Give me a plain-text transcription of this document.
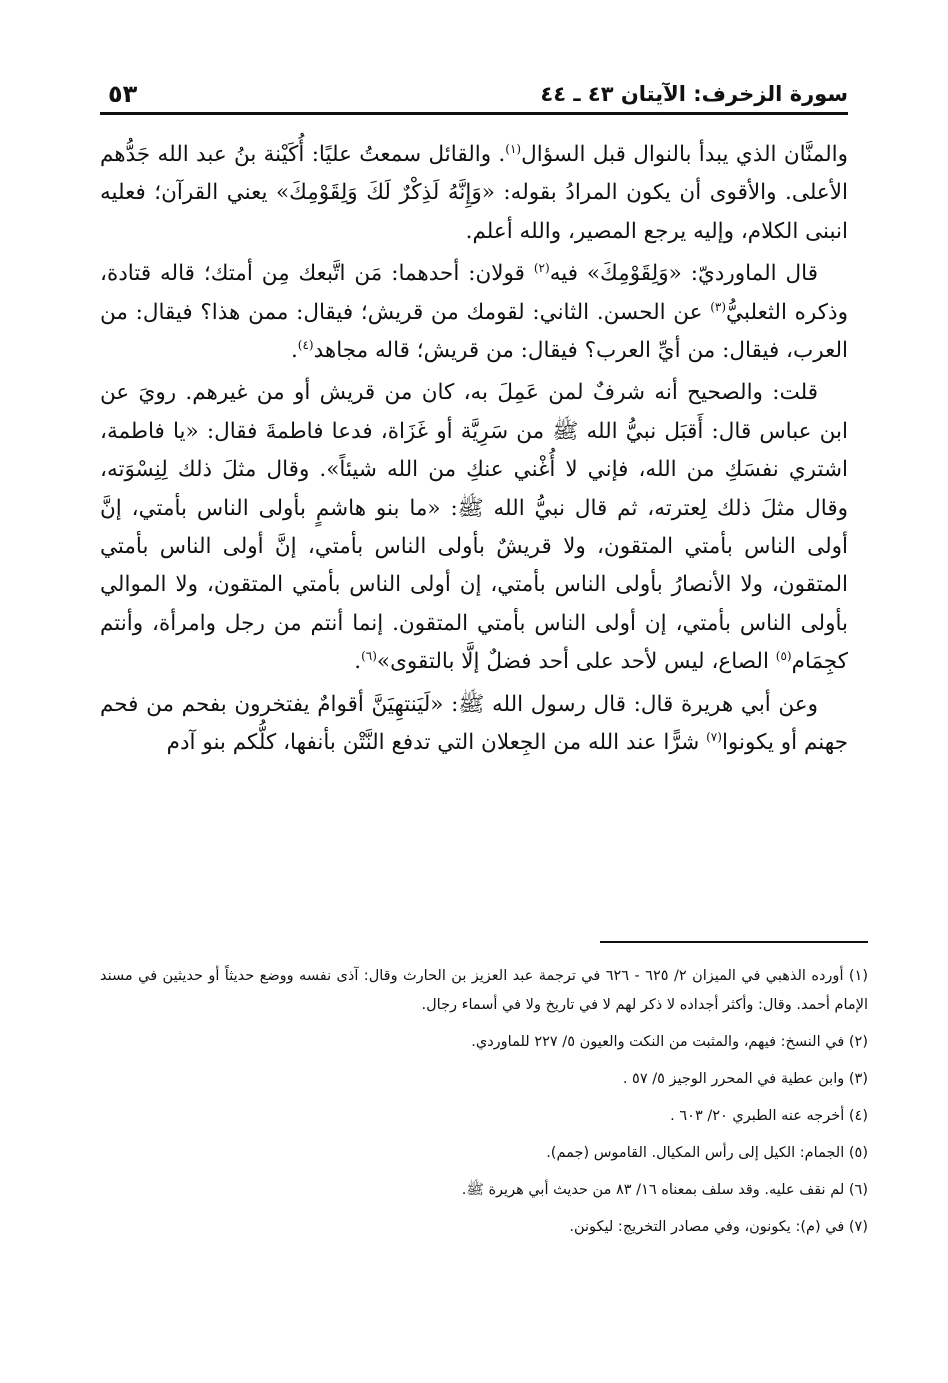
سورة الزخرف: الآيتان ٤٣ ـ ٤٤
٥٣

والمنَّان الذي يبدأ بالنوال قبل السؤال$^{(١)}$. والقائل سمعتُ عليًا: أُكَيْنة بنُ عبد الله جَدُّهم الأعلى. والأقوى أن يكون المرادُ بقوله: «وَإِنَّهُ لَذِكْرٌ لَكَ وَلِقَوْمِكَ» يعني القرآن؛ فعليه انبنى الكلام، وإليه يرجع المصير، والله أعلم.

قال الماورديّ: «وَلِقَوْمِكَ» فيه$^{(٢)}$ قولان: أحدهما: مَن اتَّبعك مِن أمتك؛ قاله قتادة، وذكره الثعلبيُّ$^{(٣)}$ عن الحسن. الثاني: لقومك من قريش؛ فيقال: ممن هذا؟ فيقال: من العرب، فيقال: من أيِّ العرب؟ فيقال: من قريش؛ قاله مجاهد$^{(٤)}$.

قلت: والصحيح أنه شرفٌ لمن عَمِلَ به، كان من قريش أو من غيرهم. رويَ عن ابن عباس قال: أَقبَل نبيُّ الله ﷺ من سَرِيَّة أو غَزَاة، فدعا فاطمةَ فقال: «يا فاطمة، اشتري نفسَكِ من الله، فإني لا أُغْني عنكِ من الله شيئاً». وقال مثلَ ذلك لِنِسْوَته، وقال مثلَ ذلك لِعترته، ثم قال نبيُّ الله ﷺ: «ما بنو هاشمٍ بأولى الناس بأمتي، إنَّ أولى الناس بأمتي المتقون، ولا قريشٌ بأولى الناس بأمتي، إنَّ أولى الناس بأمتي المتقون، ولا الأنصارُ بأولى الناس بأمتي، إن أولى الناس بأمتي المتقون، ولا الموالي بأولى الناس بأمتي، إن أولى الناس بأمتي المتقون. إنما أنتم من رجل وامرأة، وأنتم كجِمَام$^{(٥)}$ الصاع، ليس لأحد على أحد فضلٌ إلَّا بالتقوى»$^{(٦)}$.

وعن أبي هريرة قال: قال رسول الله ﷺ: «لَيَنتهِيَنَّ أقوامٌ يفتخرون بفحم من فحم جهنم أو يكونوا$^{(٧)}$ شرًّا عند الله من الجِعلان التي تدفع النَّتْن بأنفها، كلُّكم بنو آدم

(١) أورده الذهبي في الميزان ٢/ ٦٢٥ - ٦٢٦ في ترجمة عبد العزيز بن الحارث وقال: آذى نفسه ووضع حديثاً أو حديثين في مسند الإمام أحمد. وقال: وأكثر أجداده لا ذكر لهم لا في تاريخ ولا في أسماء رجال.

(٢) في النسخ: فيهم، والمثبت من النكت والعيون ٥/ ٢٢٧ للماوردي.

(٣) وابن عطية في المحرر الوجيز ٥/ ٥٧ .

(٤) أخرجه عنه الطبري ٢٠/ ٦٠٣ .

(٥) الجمام: الكيل إلى رأس المكيال. القاموس (جمم).

(٦) لم نقف عليه. وقد سلف بمعناه ١٦/ ٨٣ من حديث أبي هريرة ﷺ.

(٧) في (م): يكونون، وفي مصادر التخريج: ليكونن.
